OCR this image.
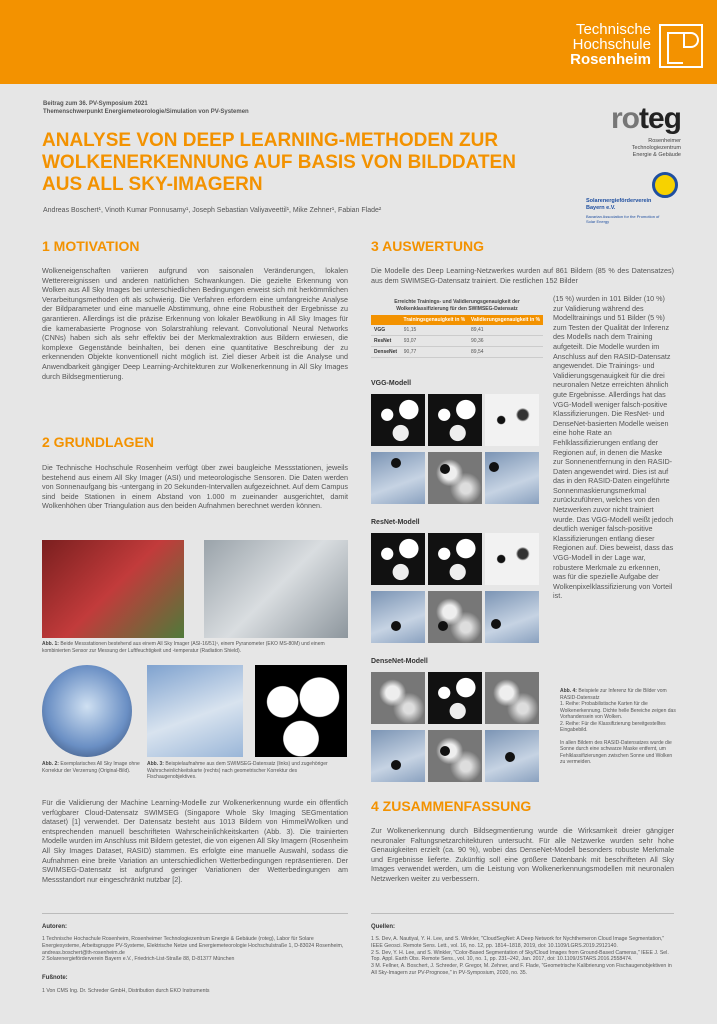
Technische
Hochschule
Rosenheim
Beitrag zum 36. PV-Symposium 2021
Themenschwerpunkt Energiemeteorologie/Simulation von PV-Systemen
ANALYSE VON DEEP LEARNING-METHODEN ZUR WOLKENERKENNUNG AUF BASIS VON BILDDATEN AUS ALL SKY-IMAGERN
Andreas Boschert¹, Vinoth Kumar Ponnusamy¹, Joseph Sebastian Valiyaveettil¹, Mike Zehner¹, Fabian Flade²
roteg
Rosenheimer
Technologiezentrum
Energie & Gebäude
Solarenergieförderverein
Bayern e.V.
Bavarian Association for the Promotion of Solar Energy
1 MOTIVATION

Wolkeneigenschaften variieren aufgrund von saisonalen Veränderungen, lokalen Wetterereignissen und anderen natürlichen Schwankungen. Die gezielte Erkennung von Wolken aus All Sky Images bei unterschiedlichen Bedingungen erweist sich mit herkömmlichen Verarbeitungsmethoden oft als schwierig. Die Verfahren erfordern eine umfangreiche Analyse der Bildparameter und eine manuelle Abstimmung, ohne eine Robustheit der Ergebnisse zu garantieren. Allerdings ist die präzise Erkennung von lokaler Bewölkung in All Sky Images für die kamerabasierte Prognose von Solarstrahlung relevant. Convolutional Neural Networks (CNNs) haben sich als sehr effektiv bei der Merkmalextraktion aus Bildern erwiesen, die komplexe Gegenstände beinhalten, bei denen eine quantitative Beschreibung der zu erkennenden Objekte konventionell nicht möglich ist. Ziel dieser Arbeit ist die Analyse und Anwendbarkeit gängiger Deep Learning-Architekturen zur Wolkenerkennung in All Sky Images durch Bildsegmentierung.

2 GRUNDLAGEN

Die Technische Hochschule Rosenheim verfügt über zwei baugleiche Messstationen, jeweils bestehend aus einem All Sky Imager (ASI) und meteorologische Sensoren. Die Daten werden von Sonnenaufgang bis -untergang in 20 Sekunden-Intervallen aufgezeichnet. Auf dem Campus sind beide Stationen in einem Abstand von 1.000 m zueinander ausgerichtet, damit Wolkenhöhen über Triangulation aus den beiden Aufnahmen berechnet werden können.

Abb. 1: Beide Messstationen bestehend aus einem All Sky Imager (ASI-16/51)¹, einem Pyranometer (EKO MS-80M) und einem kombinierten Sensor zur Messung der Luftfeuchtigkeit und -temperatur (Radiation Shield).
Abb. 2: Exemplarisches All Sky Image ohne Korrektur der Verzerrung (Original-Bild).
Abb. 3: Beispielaufnahme aus dem SWIMSEG-Datensatz (links) und zugehöriger Wahrscheinlichkeitskarte (rechts) nach geometrischer Korrektur des Fischaugenobjektives.

Für die Validierung der Machine Learning-Modelle zur Wolkenerkennung wurde ein öffentlich verfügbarer Cloud-Datensatz SWIMSEG (Singapore Whole Sky Imaging SEGmentation dataset) [1] verwendet. Der Datensatz besteht aus 1013 Bildern von Himmel/Wolken und entsprechenden manuell beschrifteten Wahrscheinlichkeitskarten (Abb. 3). Die trainierten Modelle wurden im Anschluss mit Bildern getestet, die von eigenen All Sky Imagern (Rosenheim All Sky Images Dataset, RASID) stammen. Es erfolgte eine manuelle Auswahl, sodass die Aufnahmen eine breite Variation an unterschiedlichen Wetterbedingungen repräsentieren. Der SWIMSEG-Datensatz ist aufgrund geringer Variationen der Wetterbedingungen am Messstandort nur eingeschränkt nutzbar [2].

3 AUSWERTUNG

Die Modelle des Deep Learning-Netzwerkes wurden auf 861 Bildern (85 % des Datensatzes) aus dem SWIMSEG-Datensatz trainiert. Die restlichen 152 Bilder

Erreichte Trainings- und Validierungsgenauigkeit der Wolkenklassifizierung für den SWIMSEG-Datensatz
	Trainingsgenauigkeit in %	Validierungsgenauigkeit in %
VGG	91,15	89,41
ResNet	93,07	90,36
DenseNet	90,77	89,54

(15 %) wurden in 101 Bilder (10 %) zur Validierung während des Modelltrainings und 51 Bilder (5 %) zum Testen der Qualität der Inferenz des Modells nach dem Training aufgeteilt. Die Modelle wurden im Anschluss auf den RASID-Datensatz angewendet. Die Trainings- und Validierungsgenauigkeit für die drei neuronalen Netze erreichten ähnlich gute Ergebnisse. Allerdings hat das VGG-Modell weniger falsch-positive Klassifizierungen. Die ResNet- und DenseNet-basierten Modelle weisen eine hohe Rate an Fehlklassifizierungen entlang der Regionen auf, in denen die Maske zur Sonnenentfernung in den RASID-Daten angewendet wird. Dies ist auf das in den RASID-Daten eingeführte Sonnenmaskierungsmerkmal zurückzuführen, welches von den Netzwerken zuvor nicht trainiert wurde. Das VGG-Modell weißt jedoch deutlich weniger falsch-positive Klassifizierungen entlang dieser Regionen auf. Dies beweist, dass das VGG-Modell in der Lage war, robustere Merkmale zu erkennen, was für die spezielle Aufgabe der Wolkenpixelklassifizierung von Vorteil ist.

VGG-Modell
ResNet-Modell
DenseNet-Modell
Abb. 4: Beispiele zur Inferenz für die Bilder vom RASID-Datensatz
1. Reihe: Probabilistische Karten für die Wolkenerkennung. Dichte helle Bereiche zeigen das Vorhandensein von Wolken.
2. Reihe: Für die Klassifizierung bereitgestelltes Eingabebild.
In allen Bildern des RASID-Datensatzes wurde die Sonne durch eine schwarze Maske entfernt, um Fehlklassifizierungen zwischen Sonne und Wolken zu vermeiden.
4 ZUSAMMENFASSUNG

Zur Wolkenerkennung durch Bildsegmentierung wurde die Wirksamkeit dreier gängiger neuronaler Faltungsnetzarchitekturen untersucht. Für alle Netzwerke wurden sehr hohe Genauigkeiten erzielt (ca. 90 %), wobei das DenseNet-Modell besonders robuste Merkmale und Ergebnisse lieferte. Zukünftig soll eine größere Datenbank mit beschrifteten All Sky Images verwendet werden, um die Leistung von Wolkenerkennungsmodellen mit neuronalen Netzwerken weiter zu verbessern.

Autoren:
1 Technische Hochschule Rosenheim, Rosenheimer Technologiezentrum Energie & Gebäude (roteg), Labor für Solare Energiesysteme, Arbeitsgruppe PV-Systeme, Elektrische Netze und Energiemeteorologie Hochschulstraße 1, D-83024 Rosenheim, andreas.boschert@th-rosenheim.de
2 Solarenergieförderverein Bayern e.V., Friedrich-List-Straße 88, D-81377 München
Fußnote:
1 Von CMS Ing. Dr. Schreder GmbH, Distribution durch EKO Instruments
Quellen:
1 S. Dev, A. Nautiyal, Y. H. Lee, and S. Winkler, "CloudSegNet: A Deep Network for Nychthemeron Cloud Image Segmentation," IEEE Geosci. Remote Sens. Lett., vol. 16, no. 12, pp. 1814–1818, 2019, doi: 10.1109/LGRS.2019.2912140.
2 S. Dev, Y. H. Lee, and S. Winkler, "Color-Based Segmentation of Sky/Cloud Images from Ground-Based Cameras," IEEE J. Sel. Top. Appl. Earth Obs. Remote Sens., vol. 10, no. 1, pp. 231–242, Jan. 2017, doi: 10.1109/JSTARS.2016.2558474.
3 M. Fellner, A. Boschert, J. Schreder, P. Gregor, M. Zehner, and F. Flade, "Geometrische Kalibrierung von Fischaugenobjektiven in All Sky-Imagern zur PV-Prognose," in PV-Symposium, 2020, no. 35.
